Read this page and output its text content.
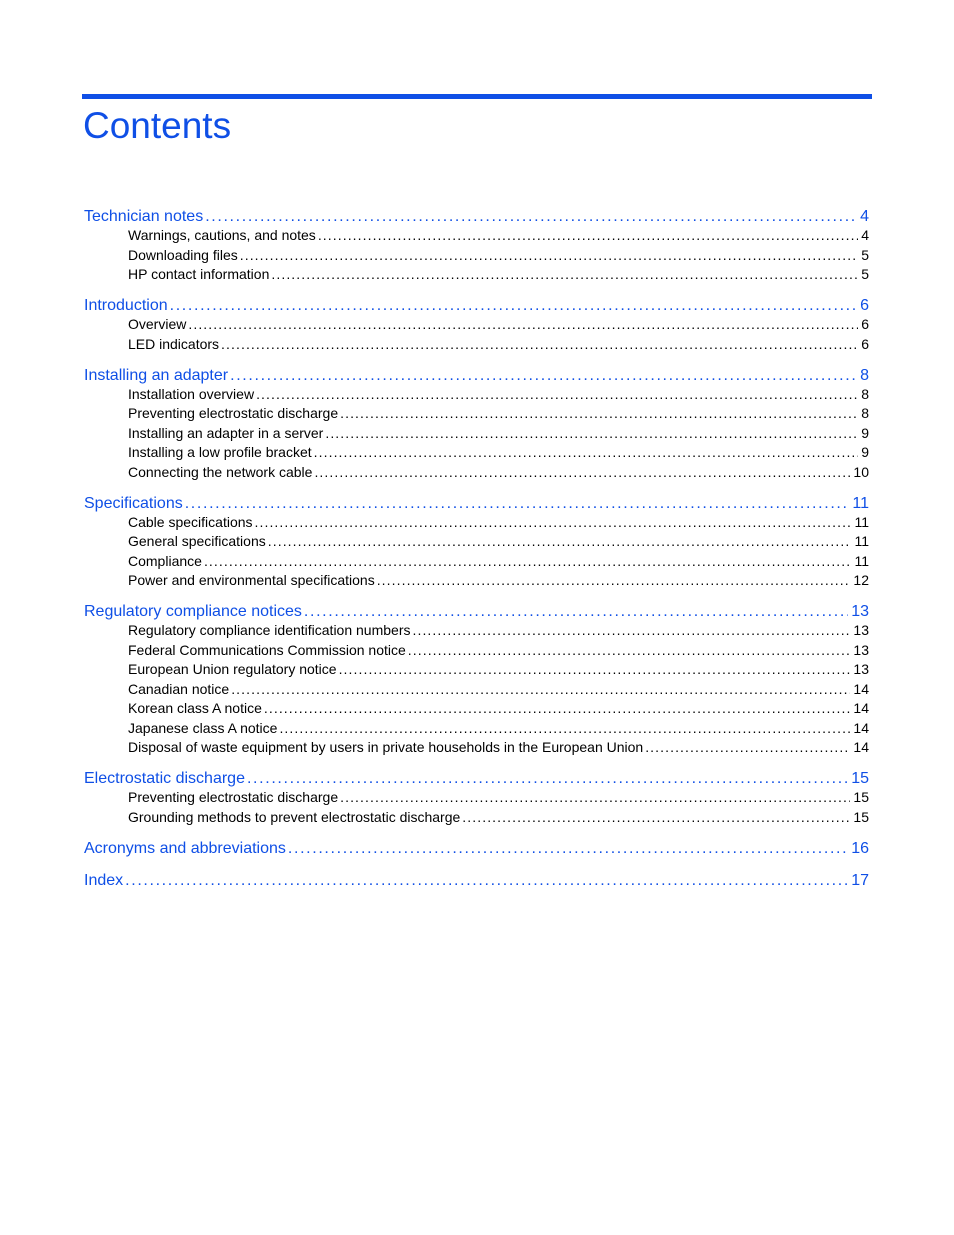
Contents
Technician notes . . .	4
Warnings, cautions, and notes . . .	4
Downloading files . . .	5
HP contact information . . .	5
Introduction . . .	6
Overview . . .	6
LED indicators . . .	6
Installing an adapter . . .	8
Installation overview . . .	8
Preventing electrostatic discharge . . .	8
Installing an adapter in a server . . .	9
Installing a low profile bracket . . .	9
Connecting the network cable . . .	10
Specifications . . .	11
Cable specifications . . .	11
General specifications . . .	11
Compliance . . .	11
Power and environmental specifications . . .	12
Regulatory compliance notices . . .	13
Regulatory compliance identification numbers . . .	13
Federal Communications Commission notice . . .	13
European Union regulatory notice . . .	13
Canadian notice . . .	14
Korean class A notice . . .	14
Japanese class A notice . . .	14
Disposal of waste equipment by users in private households in the European Union . . .	14
Electrostatic discharge . . .	15
Preventing electrostatic discharge . . .	15
Grounding methods to prevent electrostatic discharge . . .	15
Acronyms and abbreviations . . .	16
Index . . .	17
